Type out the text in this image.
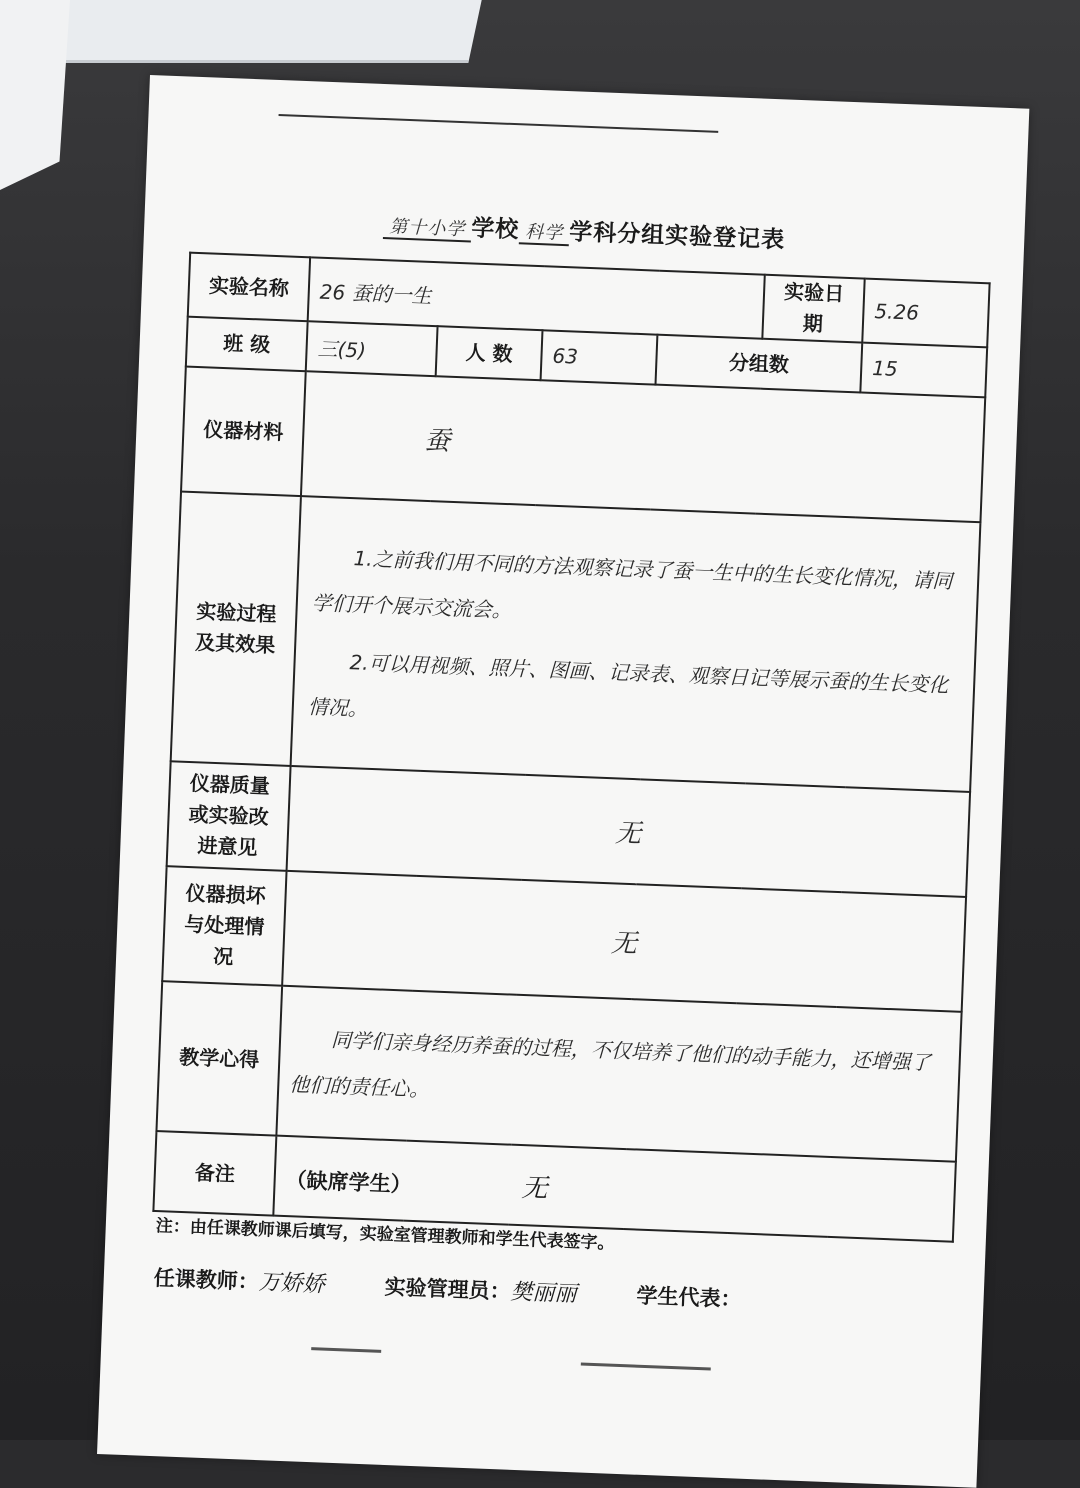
第十小学 学校 科学 学科分组实验登记表
实验名称	26 蚕的一生				实验日期	5.26
班 级	三(5)	人 数	63	分组数		15
仪器材料	蚕					
实验过程及其效果	1.之前我们用不同的方法观察记录了蚕一生中的生长变化情况，请同学们开个展示交流会。
2.可以用视频、照片、图画、记录表、观察日记等展示蚕的生长变化情况。					

仪器质量或实验改进意见	无					
仪器损坏与处理情况	无					
教学心得	同学们亲身经历养蚕的过程，不仅培养了他们的动手能力，还增强了他们的责任心。					
备注	（缺席学生） 无					
注：由任课教师课后填写，实验室管理教师和学生代表签字。
任课教师：万娇娇	实验管理员：樊丽丽	学生代表：
